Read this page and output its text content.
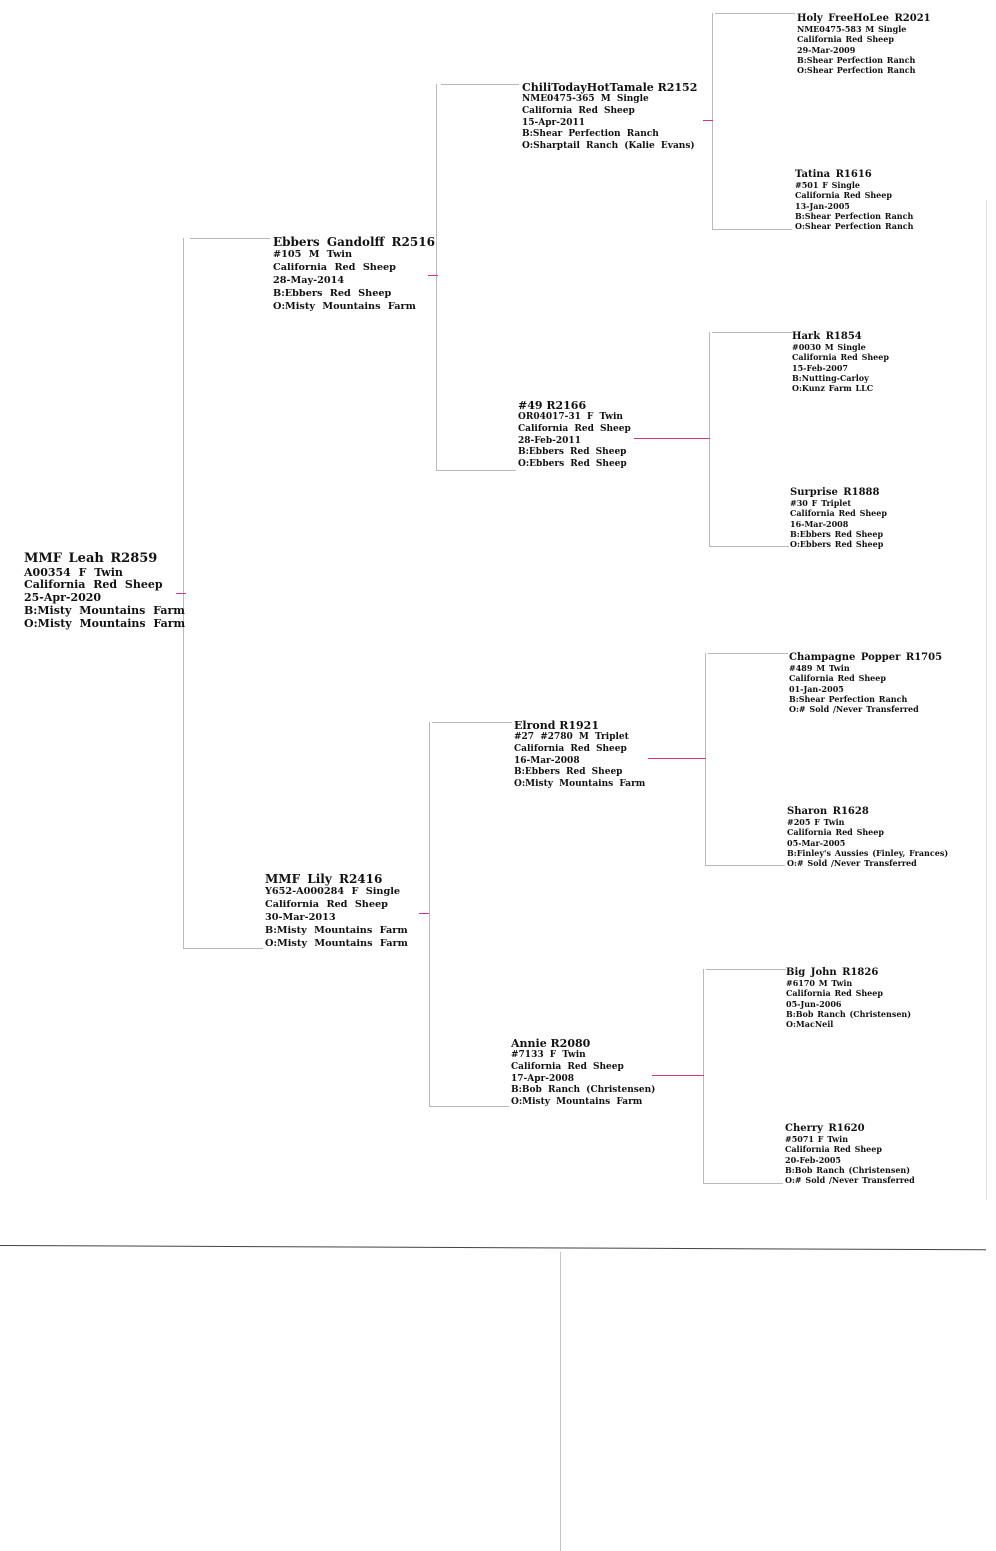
MMF Leah R2859
A00354 F Twin
California Red Sheep
25-Apr-2020
B:Misty Mountains Farm
O:Misty Mountains Farm
Ebbers Gandolff R2516
#105 M Twin
California Red Sheep
28-May-2014
B:Ebbers Red Sheep
O:Misty Mountains Farm
MMF Lily R2416
Y652-A000284 F Single
California Red Sheep
30-Mar-2013
B:Misty Mountains Farm
O:Misty Mountains Farm
ChiliTodayHotTamale R2152
NME0475-365 M Single
California Red Sheep
15-Apr-2011
B:Shear Perfection Ranch
O:Sharptail Ranch (Kalie Evans)
#49 R2166
OR04017-31 F Twin
California Red Sheep
28-Feb-2011
B:Ebbers Red Sheep
O:Ebbers Red Sheep
Elrond R1921
#27 #2780 M Triplet
California Red Sheep
16-Mar-2008
B:Ebbers Red Sheep
O:Misty Mountains Farm
Annie R2080
#7133 F Twin
California Red Sheep
17-Apr-2008
B:Bob Ranch (Christensen)
O:Misty Mountains Farm
Holy FreeHoLee R2021
NME0475-583 M Single
California Red Sheep
29-Mar-2009
B:Shear Perfection Ranch
O:Shear Perfection Ranch
Tatina R1616
#501 F Single
California Red Sheep
13-Jan-2005
B:Shear Perfection Ranch
O:Shear Perfection Ranch
Hark R1854
#0030 M Single
California Red Sheep
15-Feb-2007
B:Nutting-Carloy
O:Kunz Farm LLC
Surprise R1888
#30 F Triplet
California Red Sheep
16-Mar-2008
B:Ebbers Red Sheep
O:Ebbers Red Sheep
Champagne Popper R1705
#489 M Twin
California Red Sheep
01-Jan-2005
B:Shear Perfection Ranch
O:# Sold /Never Transferred
Sharon R1628
#205 F Twin
California Red Sheep
05-Mar-2005
B:Finley's Aussies (Finley, Frances)
O:# Sold /Never Transferred
Big John R1826
#6170 M Twin
California Red Sheep
05-Jun-2006
B:Bob Ranch (Christensen)
O:MacNeil
Cherry R1620
#5071 F Twin
California Red Sheep
20-Feb-2005
B:Bob Ranch (Christensen)
O:# Sold /Never Transferred
